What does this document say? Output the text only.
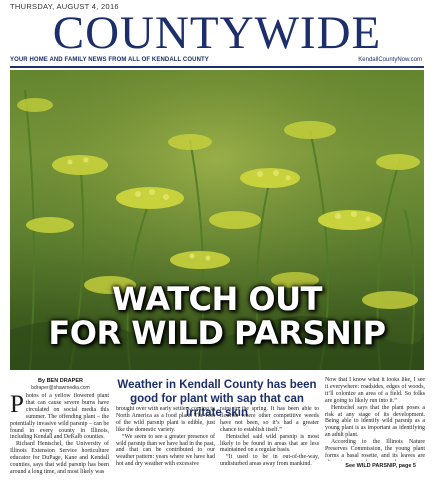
THURSDAY, AUGUST 4, 2016
COUNTYWIDE
YOUR HOME AND FAMILY NEWS FROM ALL OF KENDALL COUNTY	KendallCountyNow.com
WATCH OUT
FOR WILD PARSNIP
By BEN DRAPER
bdraper@shawmedia.com	Weather in Kendall County has been good for plant with sap that can irritate skin

Photos of a yellow flowered plant that can cause severe burns have circulated on social media this summer. The offending plant – the potentially invasive wild parsnip – can be found in every county in Illinois, including Kendall and DeKalb counties.

Richard Hentschel, the University of Illinois Extension Service horticulture educator for DuPage, Kane and Kendall counties, says that wild parsnip has been around a long time, and most likely was

brought over with early settlers coming to North America as a food plant. The root of the wild parsnip plant is edible, just like the domestic variety.

“We seem to see a greater presence of wild parsnip than we have had in the past, and that can be contributed to our weather pattern: years where we have had hot and dry weather with excessive

rains in the spring. It has been able to flourish where other competitive weeds have not been, so it’s had a greater chance to establish itself.”

Hentschel said wild parsnip is most likely to be found in areas that are less maintained on a regular basis.

“It used to be in out-of-the-way, undisturbed areas away from mankind.

Now that I know what it looks like, I see it everywhere: roadsides, edges of woods, it’ll colonize an area of a field. So folks are going to likely run into it.”

Hentschel says that the plant poses a risk at any stage of its development. Being able to identify wild parsnip as a young plant is as important as identifying an adult plant.

According to the Illinois Nature Preserves Commission, the young plant forms a basal rosette, and its leaves are

See WILD PARSNIP, page 5
